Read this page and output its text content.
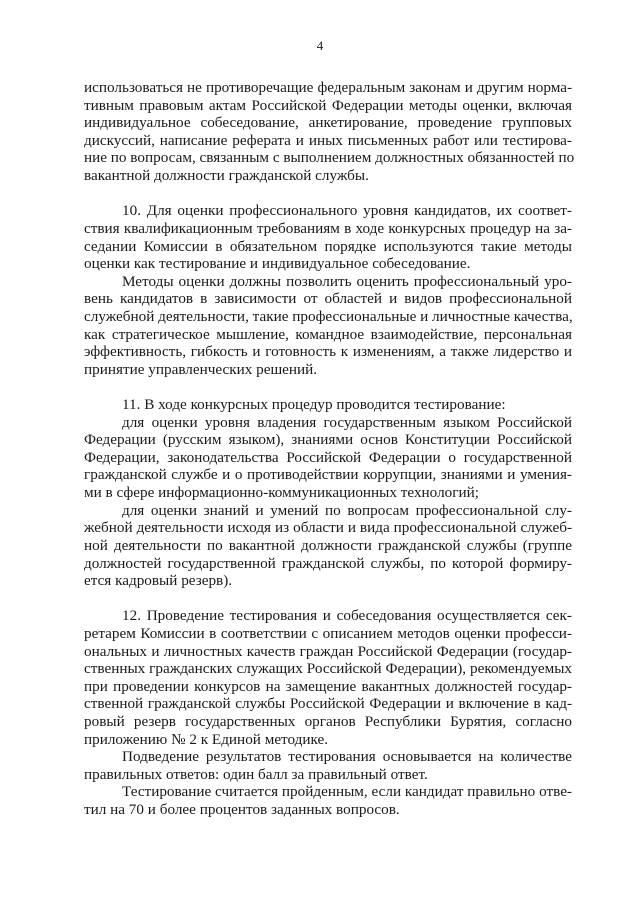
4
использоваться не противоречащие федеральным законам и другим норма-
тивным правовым актам Российской Федерации методы оценки, включая
индивидуальное собеседование, анкетирование, проведение групповых
дискуссий, написание реферата и иных письменных работ или тестирова-
ние по вопросам, связанным с выполнением должностных обязанностей по
вакантной должности гражданской службы.
10. Для оценки профессионального уровня кандидатов, их соответ-
ствия квалификационным требованиям в ходе конкурсных процедур на за-
седании Комиссии в обязательном порядке используются такие методы
оценки как тестирование и индивидуальное собеседование.
Методы оценки должны позволить оценить профессиональный уро-
вень кандидатов в зависимости от областей и видов профессиональной
служебной деятельности, такие профессиональные и личностные качества,
как стратегическое мышление, командное взаимодействие, персональная
эффективность, гибкость и готовность к изменениям, а также лидерство и
принятие управленческих решений.
11. В ходе конкурсных процедур проводится тестирование:
для оценки уровня владения государственным языком Российской
Федерации (русским языком), знаниями основ Конституции Российской
Федерации, законодательства Российской Федерации о государственной
гражданской службе и о противодействии коррупции, знаниями и умения-
ми в сфере информационно-коммуникационных технологий;
для оценки знаний и умений по вопросам профессиональной слу-
жебной деятельности исходя из области и вида профессиональной служеб-
ной деятельности по вакантной должности гражданской службы (группе
должностей государственной гражданской службы, по которой формиру-
ется кадровый резерв).
12. Проведение тестирования и собеседования осуществляется сек-
ретарем Комиссии в соответствии с описанием методов оценки професси-
ональных и личностных качеств граждан Российской Федерации (государ-
ственных гражданских служащих Российской Федерации), рекомендуемых
при проведении конкурсов на замещение вакантных должностей государ-
ственной гражданской службы Российской Федерации и включение в кад-
ровый резерв государственных органов Республики Бурятия, согласно
приложению № 2 к Единой методике.
Подведение результатов тестирования основывается на количестве
правильных ответов: один балл за правильный ответ.
Тестирование считается пройденным, если кандидат правильно отве-
тил на 70 и более процентов заданных вопросов.
